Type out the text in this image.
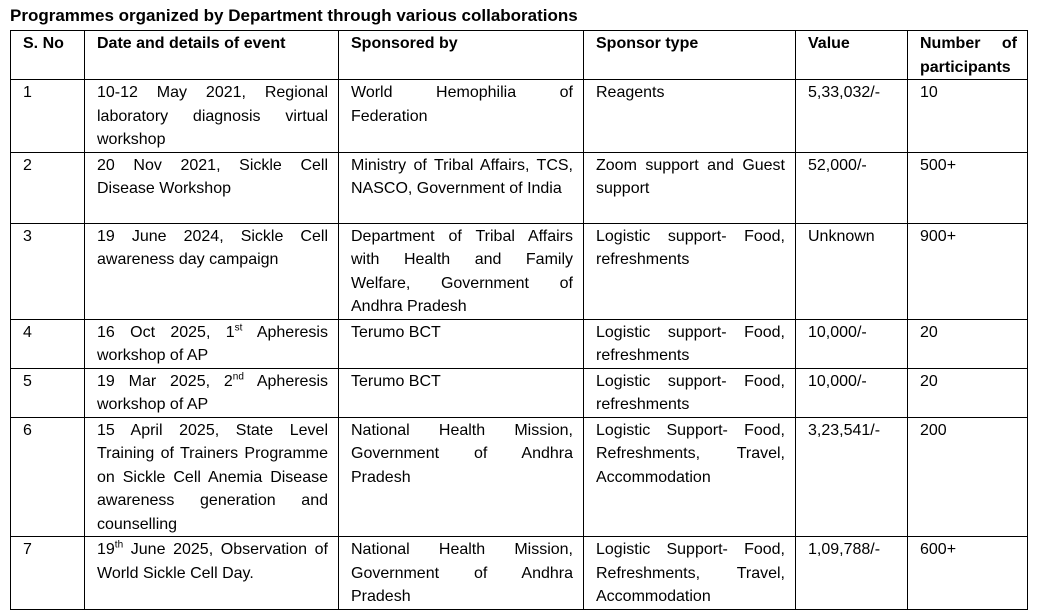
Programmes organized by Department through various collaborations
S. No	Date and details of event	Sponsored by	Sponsor type	Value	Number of participants
1	10-12 May 2021, Regional laboratory diagnosis virtual workshop	World Hemophilia of Federation	Reagents	5,33,032/-	10
2	20 Nov 2021, Sickle Cell Disease Workshop	Ministry of Tribal Affairs, TCS, NASCO, Government of India	Zoom support and Guest support	52,000/-	500+
3	19 June 2024, Sickle Cell awareness day campaign	Department of Tribal Affairs with Health and Family Welfare, Government of Andhra Pradesh	Logistic support- Food, refreshments	Unknown	900+
4	16 Oct 2025, 1st Apheresis workshop of AP	Terumo BCT	Logistic support- Food, refreshments	10,000/-	20
5	19 Mar 2025, 2nd Apheresis workshop of AP	Terumo BCT	Logistic support- Food, refreshments	10,000/-	20
6	15 April 2025, State Level Training of Trainers Programme on Sickle Cell Anemia Disease awareness generation and counselling	National Health Mission, Government of Andhra Pradesh	Logistic Support- Food, Refreshments, Travel, Accommodation	3,23,541/-	200
7	19th June 2025, Observation of World Sickle Cell Day.	National Health Mission, Government of Andhra Pradesh	Logistic Support- Food, Refreshments, Travel, Accommodation	1,09,788/-	600+
